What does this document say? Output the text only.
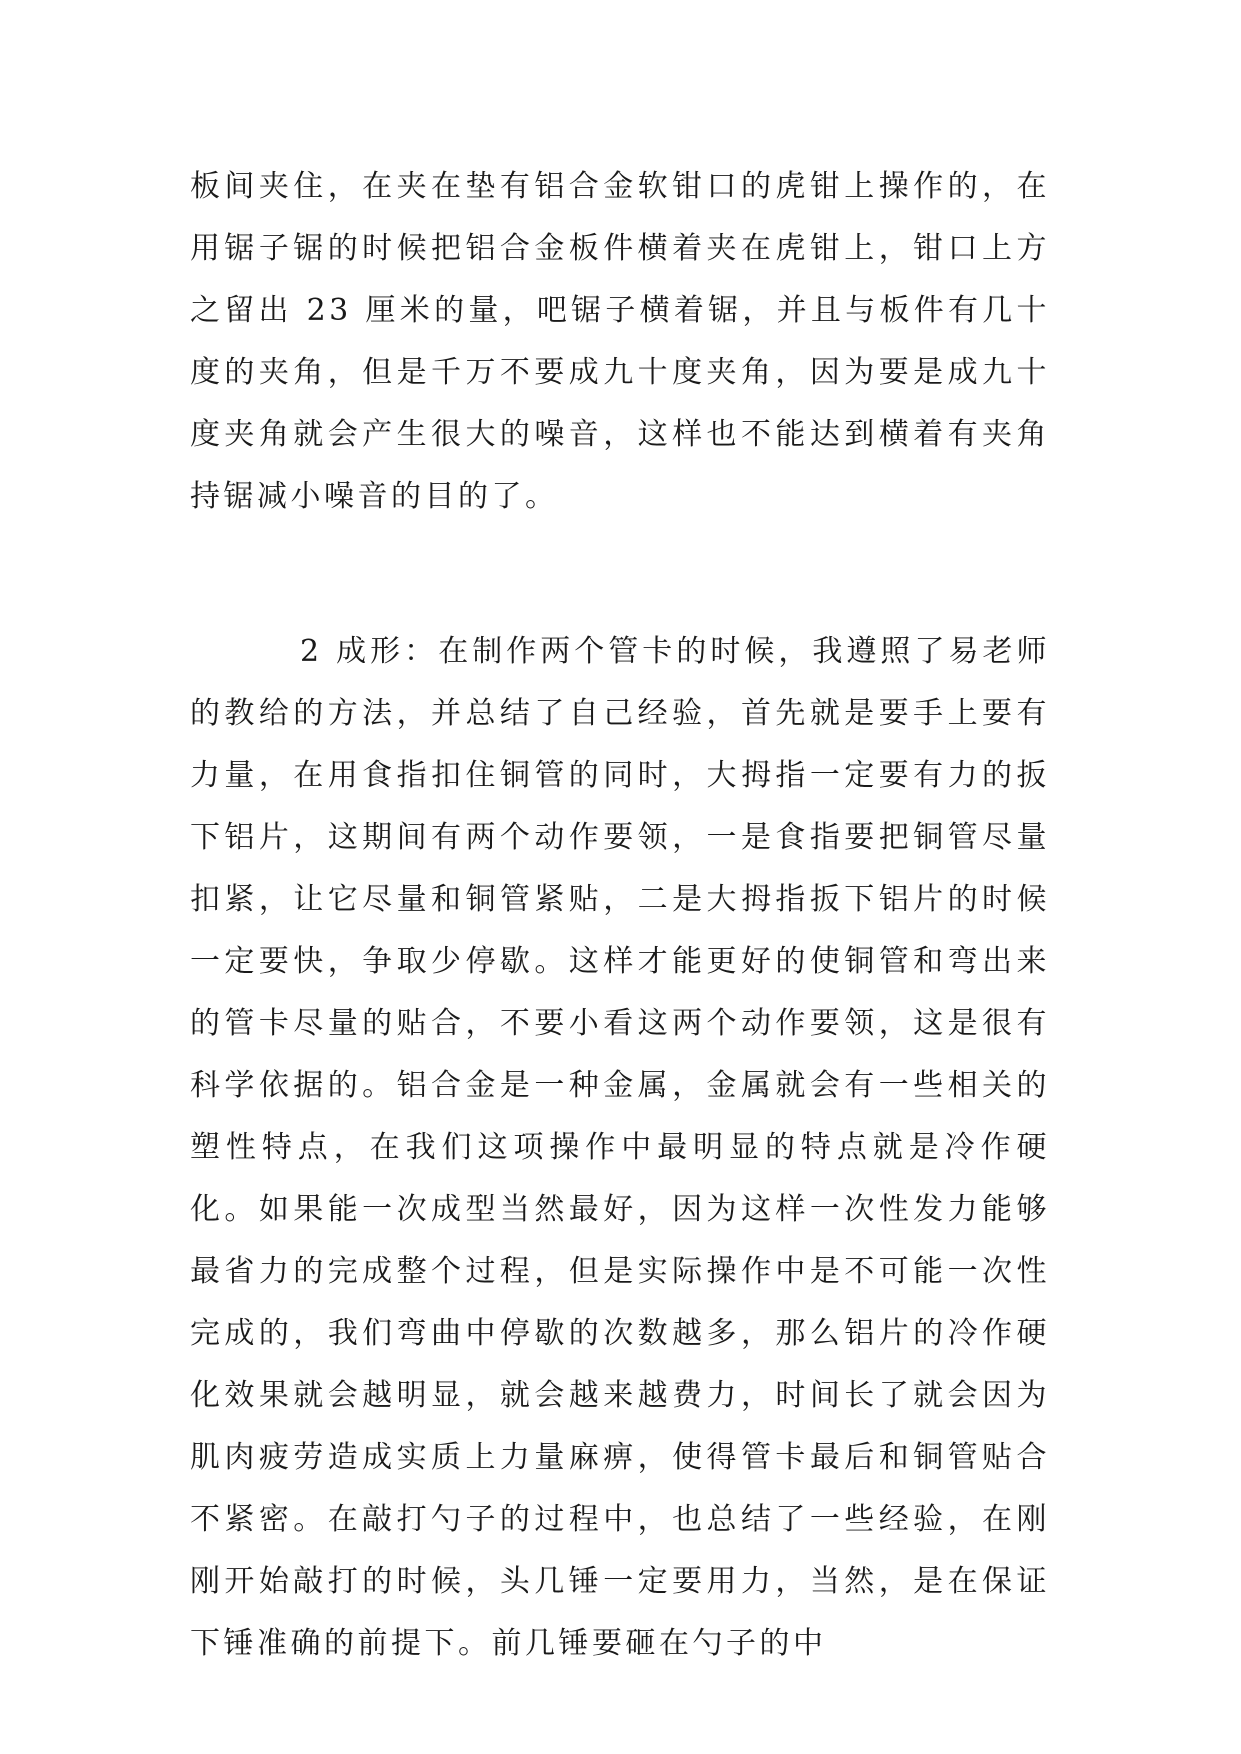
板间夹住，在夹在垫有铝合金软钳口的虎钳上操作的，在用锯子锯的时候把铝合金板件横着夹在虎钳上，钳口上方之留出 23 厘米的量，吧锯子横着锯，并且与板件有几十度的夹角，但是千万不要成九十度夹角，因为要是成九十度夹角就会产生很大的噪音，这样也不能达到横着有夹角持锯减小噪音的目的了。

2 成形：在制作两个管卡的时候，我遵照了易老师的教给的方法，并总结了自己经验，首先就是要手上要有力量，在用食指扣住铜管的同时，大拇指一定要有力的扳下铝片，这期间有两个动作要领，一是食指要把铜管尽量扣紧，让它尽量和铜管紧贴，二是大拇指扳下铝片的时候一定要快，争取少停歇。这样才能更好的使铜管和弯出来的管卡尽量的贴合，不要小看这两个动作要领，这是很有科学依据的。铝合金是一种金属，金属就会有一些相关的塑性特点，在我们这项操作中最明显的特点就是冷作硬化。如果能一次成型当然最好，因为这样一次性发力能够最省力的完成整个过程，但是实际操作中是不可能一次性完成的，我们弯曲中停歇的次数越多，那么铝片的冷作硬化效果就会越明显，就会越来越费力，时间长了就会因为肌肉疲劳造成实质上力量麻痹，使得管卡最后和铜管贴合不紧密。在敲打勺子的过程中，也总结了一些经验，在刚刚开始敲打的时候，头几锤一定要用力，当然，是在保证下锤准确的前提下。前几锤要砸在勺子的中
